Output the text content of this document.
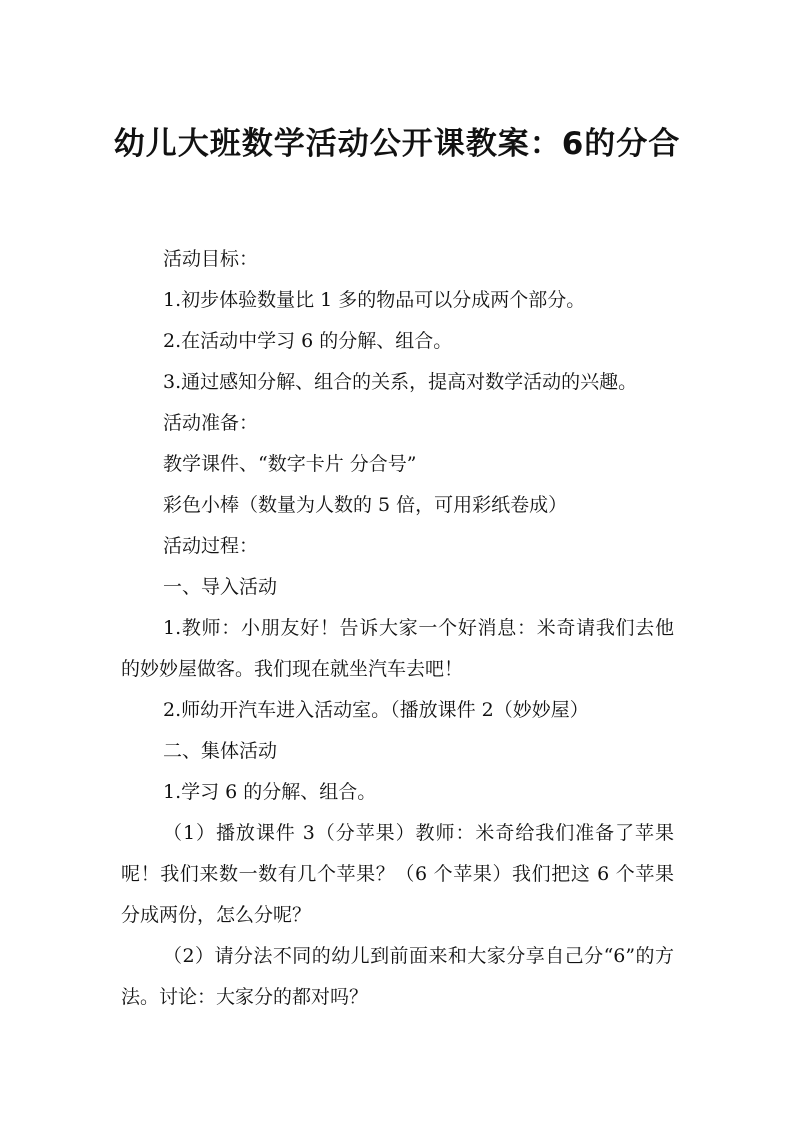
幼儿大班数学活动公开课教案：6的分合

活动目标：

1.初步体验数量比 1 多的物品可以分成两个部分。

2.在活动中学习 6 的分解、组合。

3.通过感知分解、组合的关系，提高对数学活动的兴趣。

活动准备：

教学课件、“数字卡片 分合号”

彩色小棒（数量为人数的 5 倍，可用彩纸卷成）

活动过程：

一、导入活动

1.教师：小朋友好！告诉大家一个好消息：米奇请我们去他的妙妙屋做客。我们现在就坐汽车去吧！

2.师幼开汽车进入活动室。（播放课件 2（妙妙屋）

二、集体活动

1.学习 6 的分解、组合。

（1）播放课件 3（分苹果）教师：米奇给我们准备了苹果呢！我们来数一数有几个苹果？（6 个苹果）我们把这 6 个苹果分成两份，怎么分呢？

（2）请分法不同的幼儿到前面来和大家分享自己分“6”的方法。讨论：大家分的都对吗？
